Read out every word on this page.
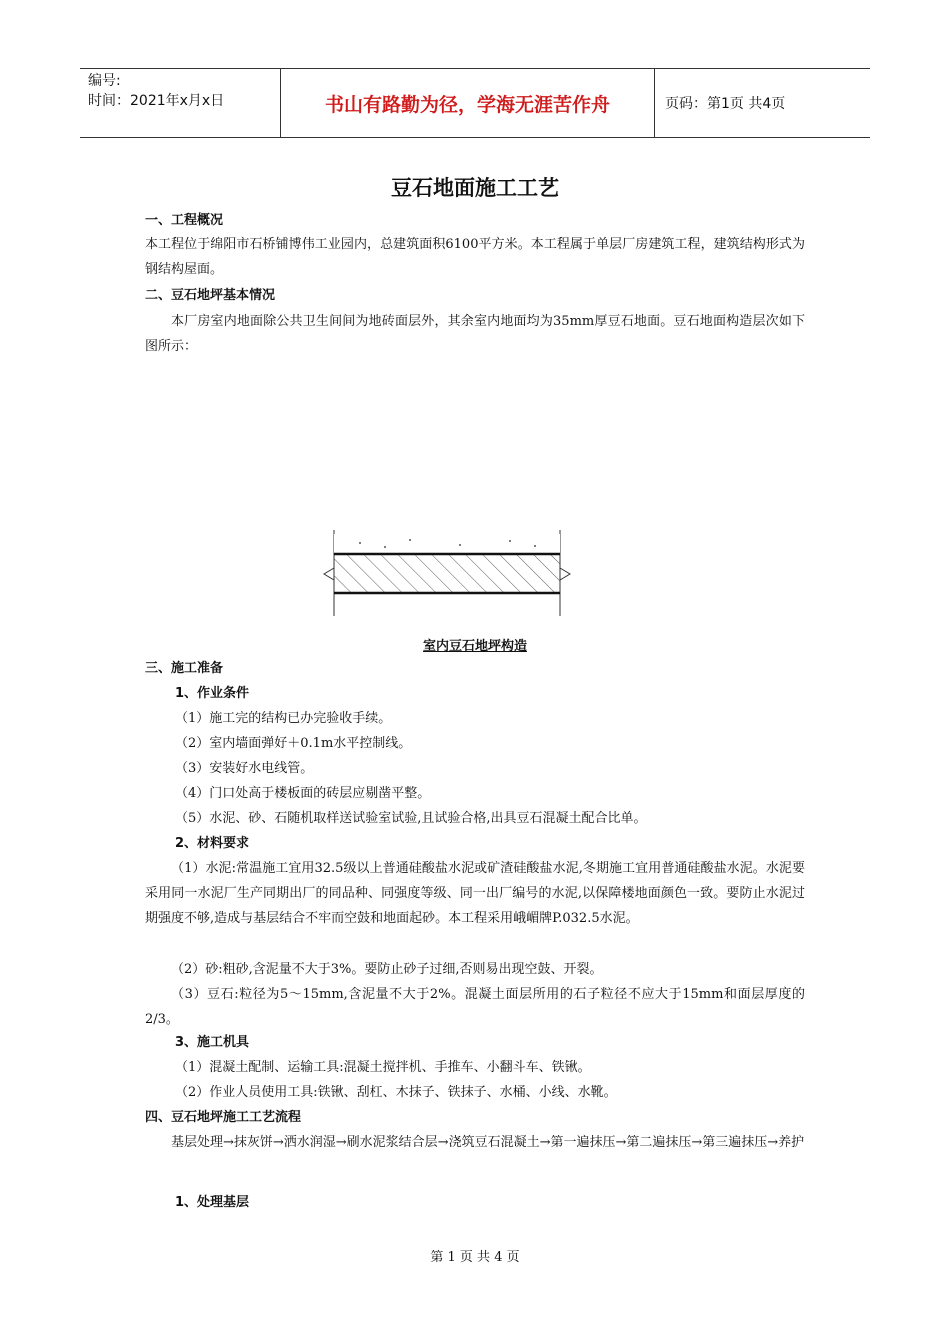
编号:
时间：2021年x月x日	书山有路勤为径，学海无涯苦作舟	页码：第1页 共4页
豆石地面施工工艺
一、工程概况
本工程位于绵阳市石桥铺博伟工业园内，总建筑面积6100平方米。本工程属于单层厂房建筑工程，建筑结构形式为钢结构屋面。
二、豆石地坪基本情况
本厂房室内地面除公共卫生间间为地砖面层外，其余室内地面均为35mm厚豆石地面。豆石地面构造层次如下图所示：
室内豆石地坪构造
三、施工准备
1、作业条件
（1）施工完的结构已办完验收手续。
（2）室内墙面弹好＋0.1m水平控制线。
（3）安装好水电线管。
（4）门口处高于楼板面的砖层应剔凿平整。
（5）水泥、砂、石随机取样送试验室试验,且试验合格,出具豆石混凝土配合比单。
2、材料要求
（1）水泥:常温施工宜用32.5级以上普通硅酸盐水泥或矿渣硅酸盐水泥,冬期施工宜用普通硅酸盐水泥。水泥要采用同一水泥厂生产同期出厂的同品种、同强度等级、同一出厂编号的水泥,以保障楼地面颜色一致。要防止水泥过期强度不够,造成与基层结合不牢而空鼓和地面起砂。本工程采用峨嵋牌P.032.5水泥。
（2）砂:粗砂,含泥量不大于3%。要防止砂子过细,否则易出现空鼓、开裂。
（3）豆石:粒径为5～15mm,含泥量不大于2%。混凝土面层所用的石子粒径不应大于15mm和面层厚度的2/3。
3、施工机具
（1）混凝土配制、运输工具:混凝土搅拌机、手推车、小翻斗车、铁锹。
（2）作业人员使用工具:铁锹、刮杠、木抹子、铁抹子、水桶、小线、水靴。
四、豆石地坪施工工艺流程
基层处理→抹灰饼→洒水润湿→刷水泥浆结合层→浇筑豆石混凝土→第一遍抹压→第二遍抹压→第三遍抹压→养护
1、处理基层
第 1 页 共 4 页
